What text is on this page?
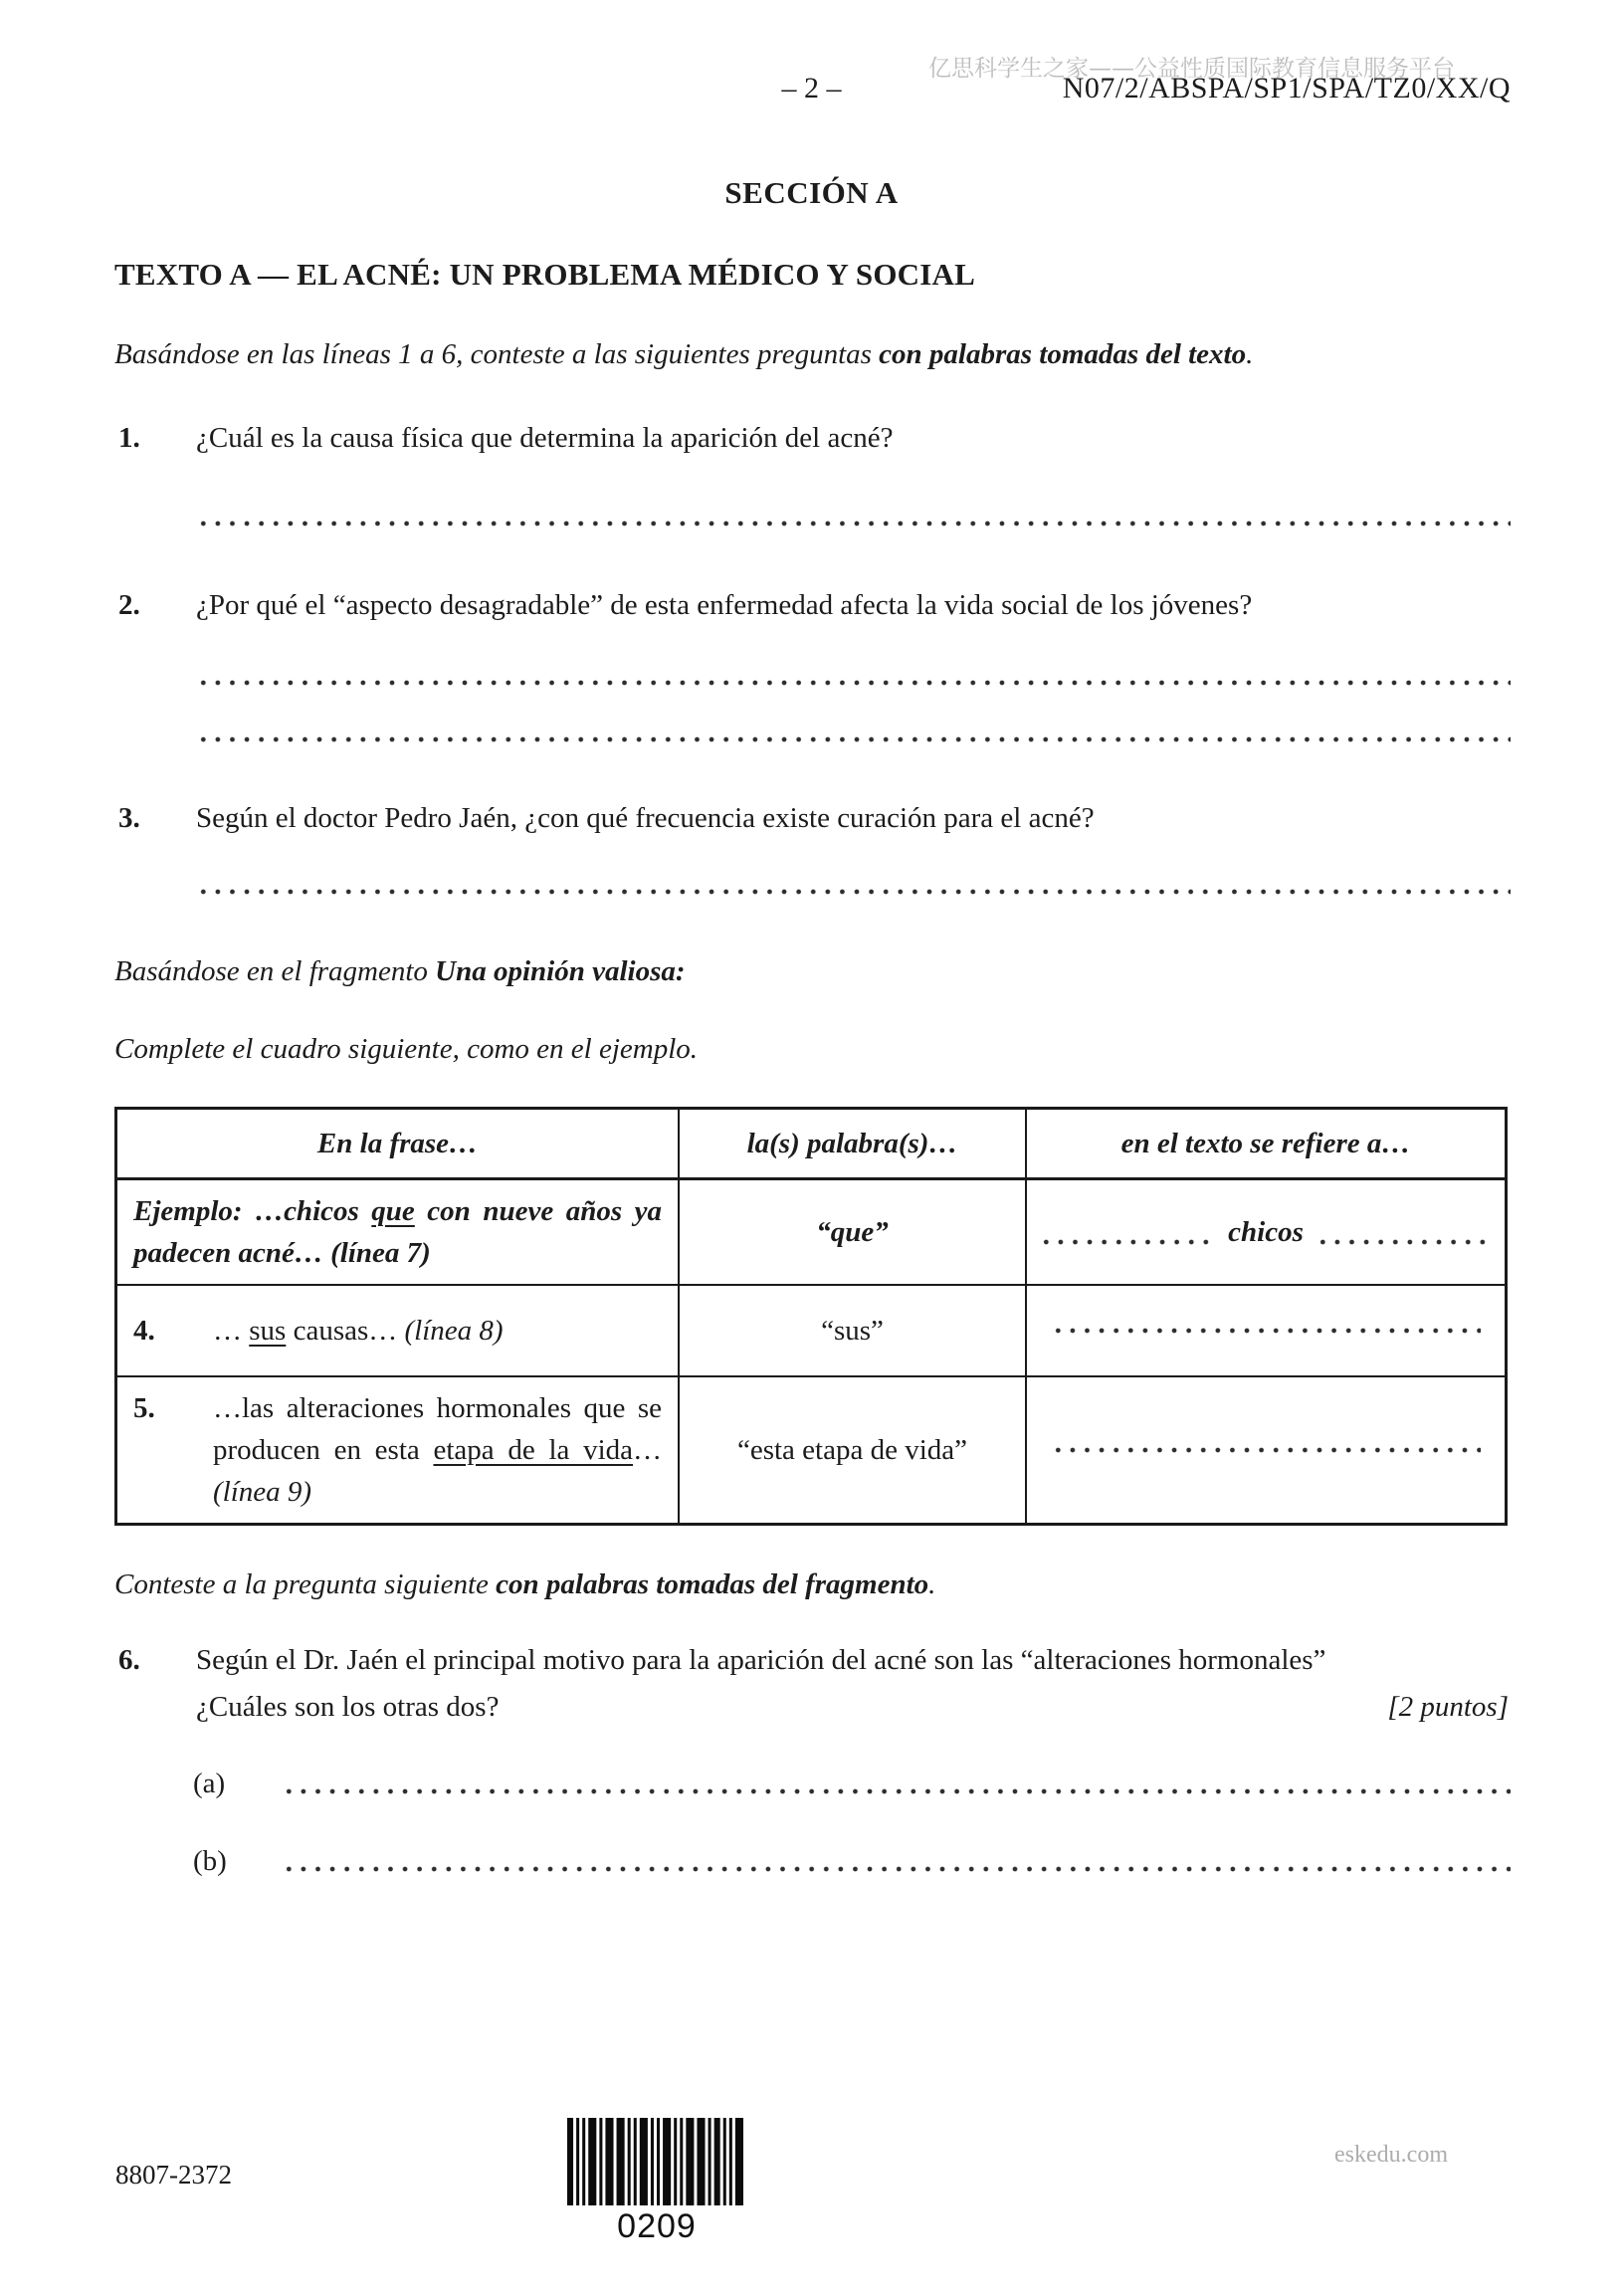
亿思科学生之家——公益性质国际教育信息服务平台
– 2 –	N07/2/ABSPA/SP1/SPA/TZ0/XX/Q
SECCIÓN A
TEXTO A — EL ACNÉ: UN PROBLEMA MÉDICO Y SOCIAL

Basándose en las líneas 1 a 6, conteste a las siguientes preguntas con palabras tomadas del texto.

1.	¿Cuál es la causa física que determina la aparición del acné?
2.	¿Por qué el “aspecto desagradable” de esta enfermedad afecta la vida social de los jóvenes?
3.	Según el doctor Pedro Jaén, ¿con qué frecuencia existe curación para el acné?

Basándose en el fragmento Una opinión valiosa:

Complete el cuadro siguiente, como en el ejemplo.

En la frase…	la(s) palabra(s)…	en el texto se refiere a…
Ejemplo: …chicos que con nueve años ya padecen acné… (línea 7)	“que”	chicos

4. … sus causas… (línea 8)	“sus”	

5. …las alteraciones hormonales que se producen en esta etapa de la vida… (línea 9)	“esta etapa de vida”	

Conteste a la pregunta siguiente con palabras tomadas del fragmento.

6.	Según el Dr. Jaén el principal motivo para la aparición del acné son las “alteraciones hormonales”
¿Cuáles son los otras dos?	[2 puntos]
(a)
(b)
8807-2372
0209
eskedu.com
